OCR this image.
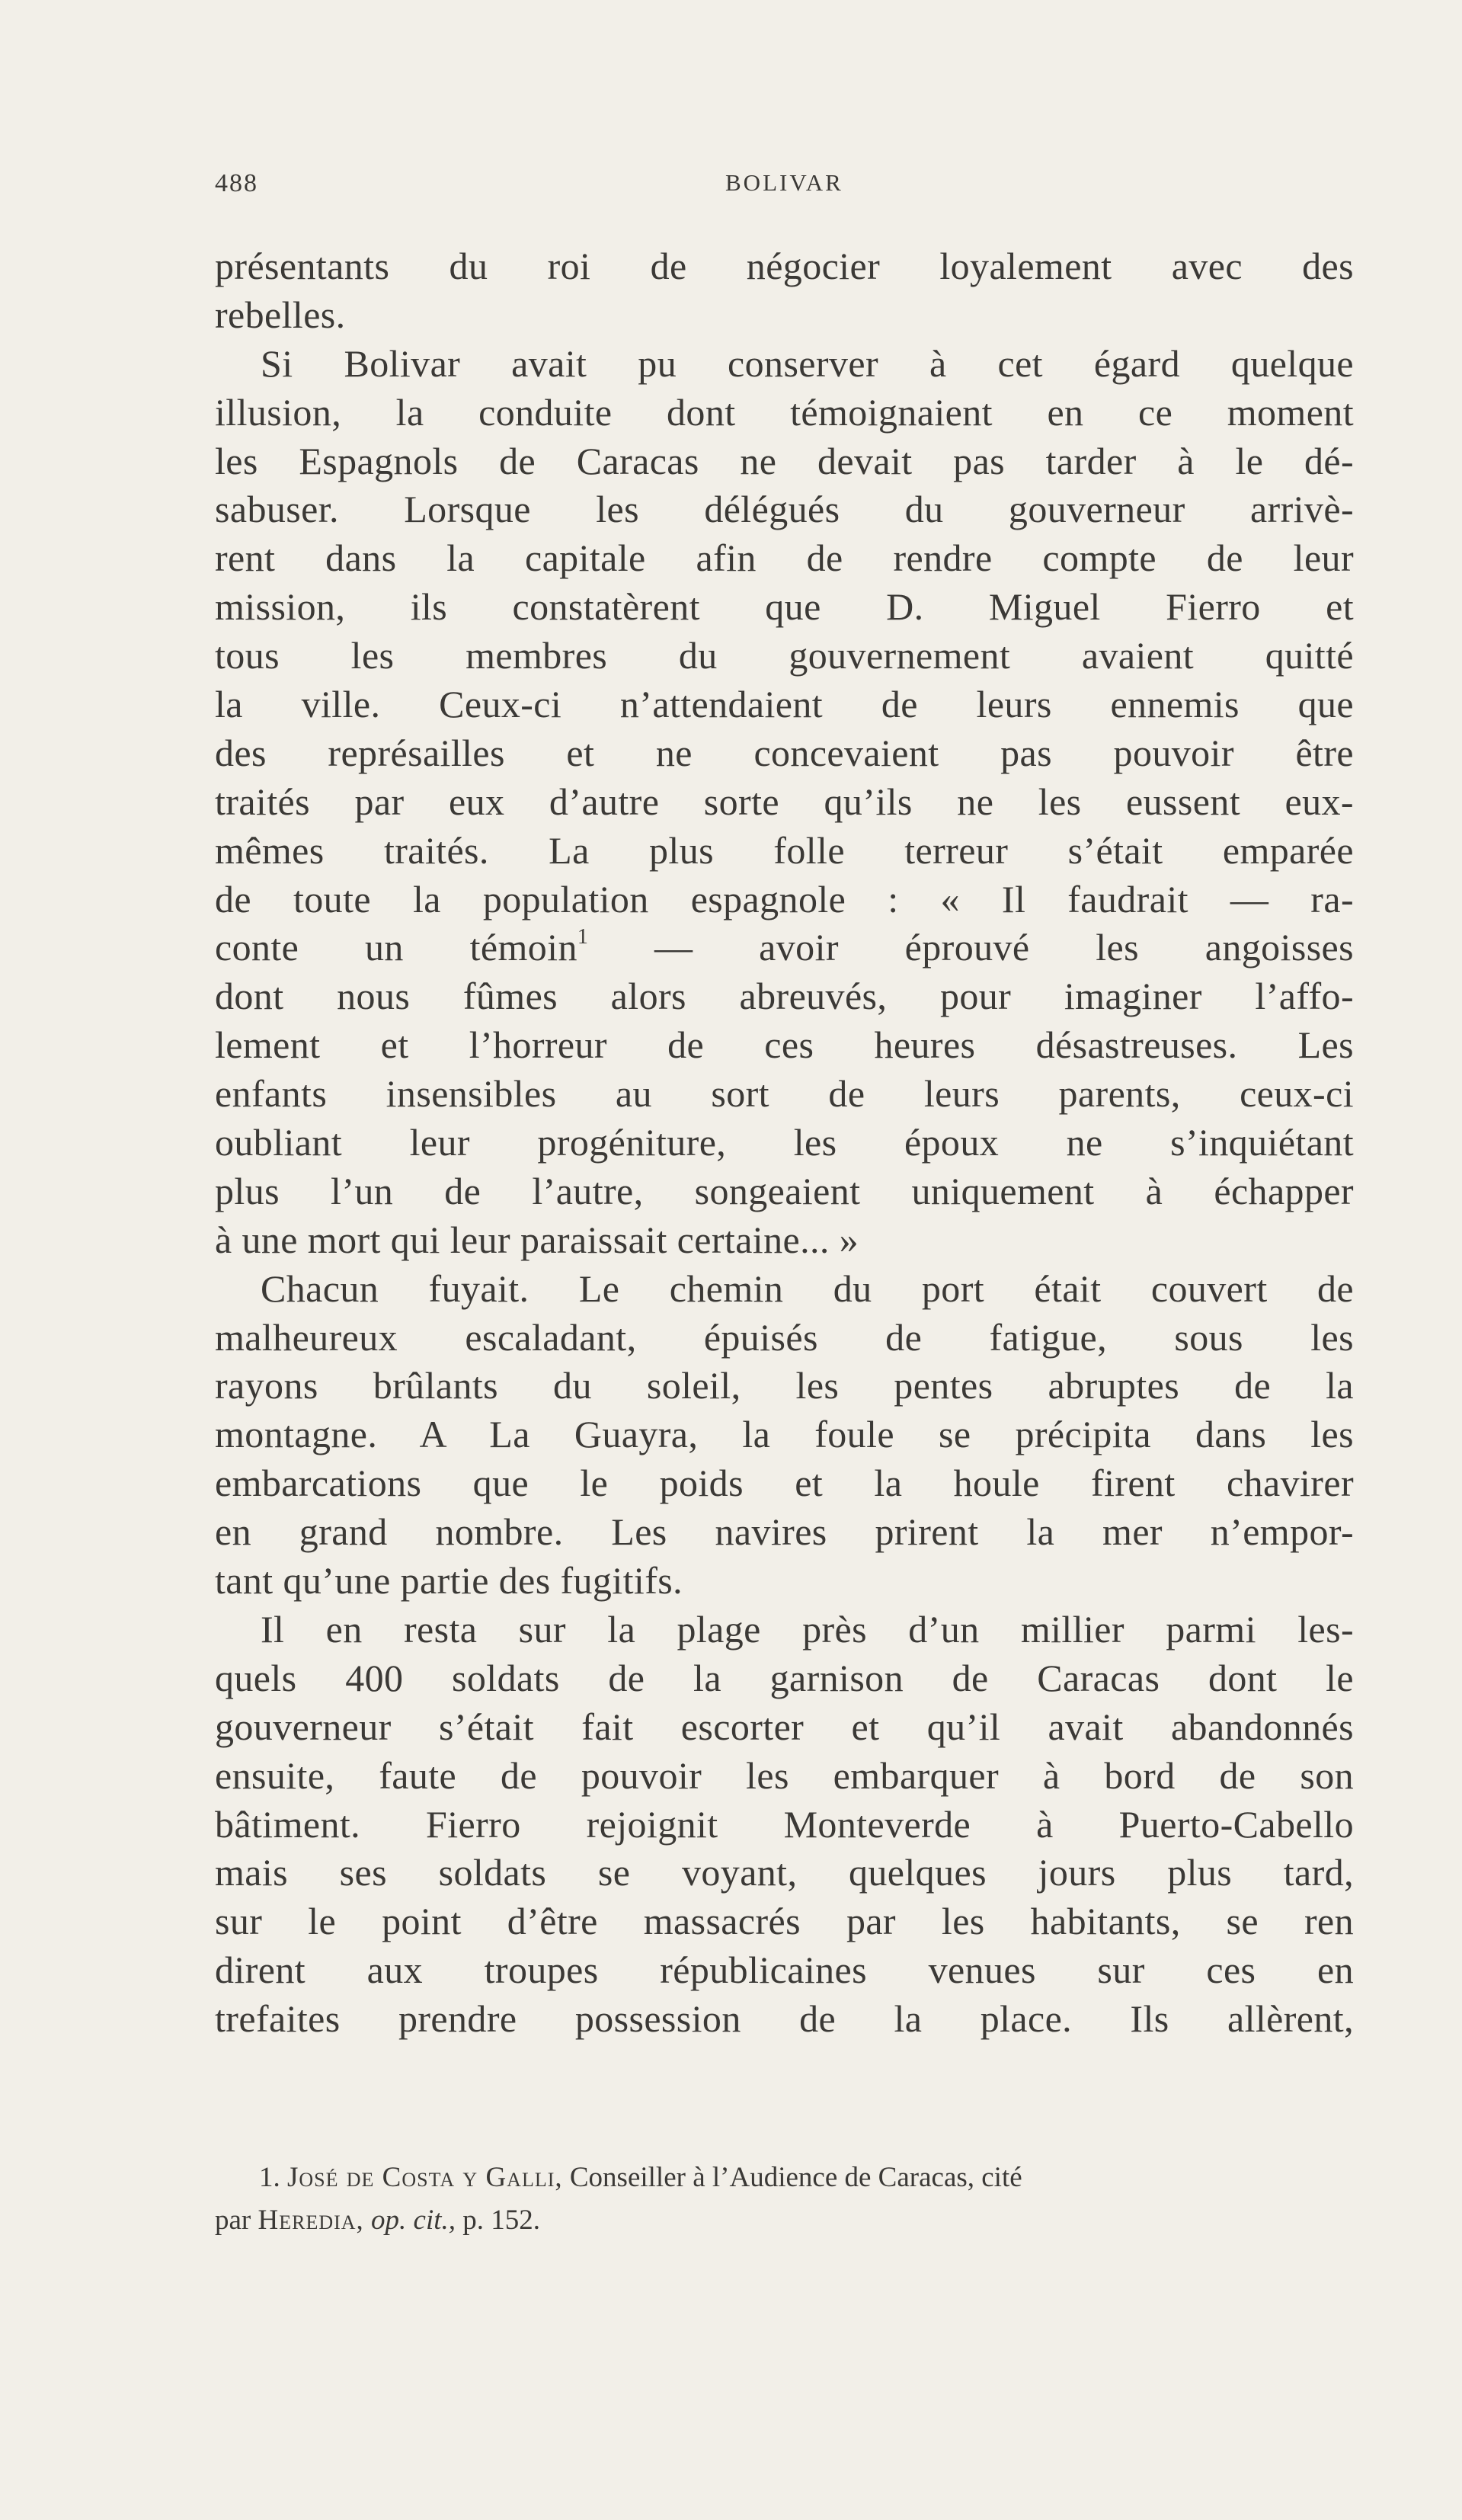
488	BOLIVAR
présentants du roi de négocier loyalement avec des
rebelles.
Si Bolivar avait pu conserver à cet égard quelque
illusion, la conduite dont témoignaient en ce moment
les Espagnols de Caracas ne devait pas tarder à le dé-
sabuser. Lorsque les délégués du gouverneur arrivè-
rent dans la capitale afin de rendre compte de leur
mission, ils constatèrent que D. Miguel Fierro et
tous les membres du gouvernement avaient quitté
la ville. Ceux-ci n’attendaient de leurs ennemis que
des représailles et ne concevaient pas pouvoir être
traités par eux d’autre sorte qu’ils ne les eussent eux-
mêmes traités. La plus folle terreur s’était emparée
de toute la population espagnole : « Il faudrait — ra-
conte un témoin$^1$ — avoir éprouvé les angoisses
dont nous fûmes alors abreuvés, pour imaginer l’affo-
lement et l’horreur de ces heures désastreuses. Les
enfants insensibles au sort de leurs parents, ceux-ci
oubliant leur progéniture, les époux ne s’inquiétant
plus l’un de l’autre, songeaient uniquement à échapper
à une mort qui leur paraissait certaine... »
Chacun fuyait. Le chemin du port était couvert de
malheureux escaladant, épuisés de fatigue, sous les
rayons brûlants du soleil, les pentes abruptes de la
montagne. A La Guayra, la foule se précipita dans les
embarcations que le poids et la houle firent chavirer
en grand nombre. Les navires prirent la mer n’empor-
tant qu’une partie des fugitifs.
Il en resta sur la plage près d’un millier parmi les-
quels 400 soldats de la garnison de Caracas dont le
gouverneur s’était fait escorter et qu’il avait abandonnés
ensuite, faute de pouvoir les embarquer à bord de son
bâtiment. Fierro rejoignit Monteverde à Puerto-Cabello
mais ses soldats se voyant, quelques jours plus tard,
sur le point d’être massacrés par les habitants, se ren
dirent aux troupes républicaines venues sur ces en
trefaites prendre possession de la place. Ils allèrent,
1. José de Costa y Galli, Conseiller à l’Audience de Caracas, cité
par Heredia, op. cit., p. 152.
